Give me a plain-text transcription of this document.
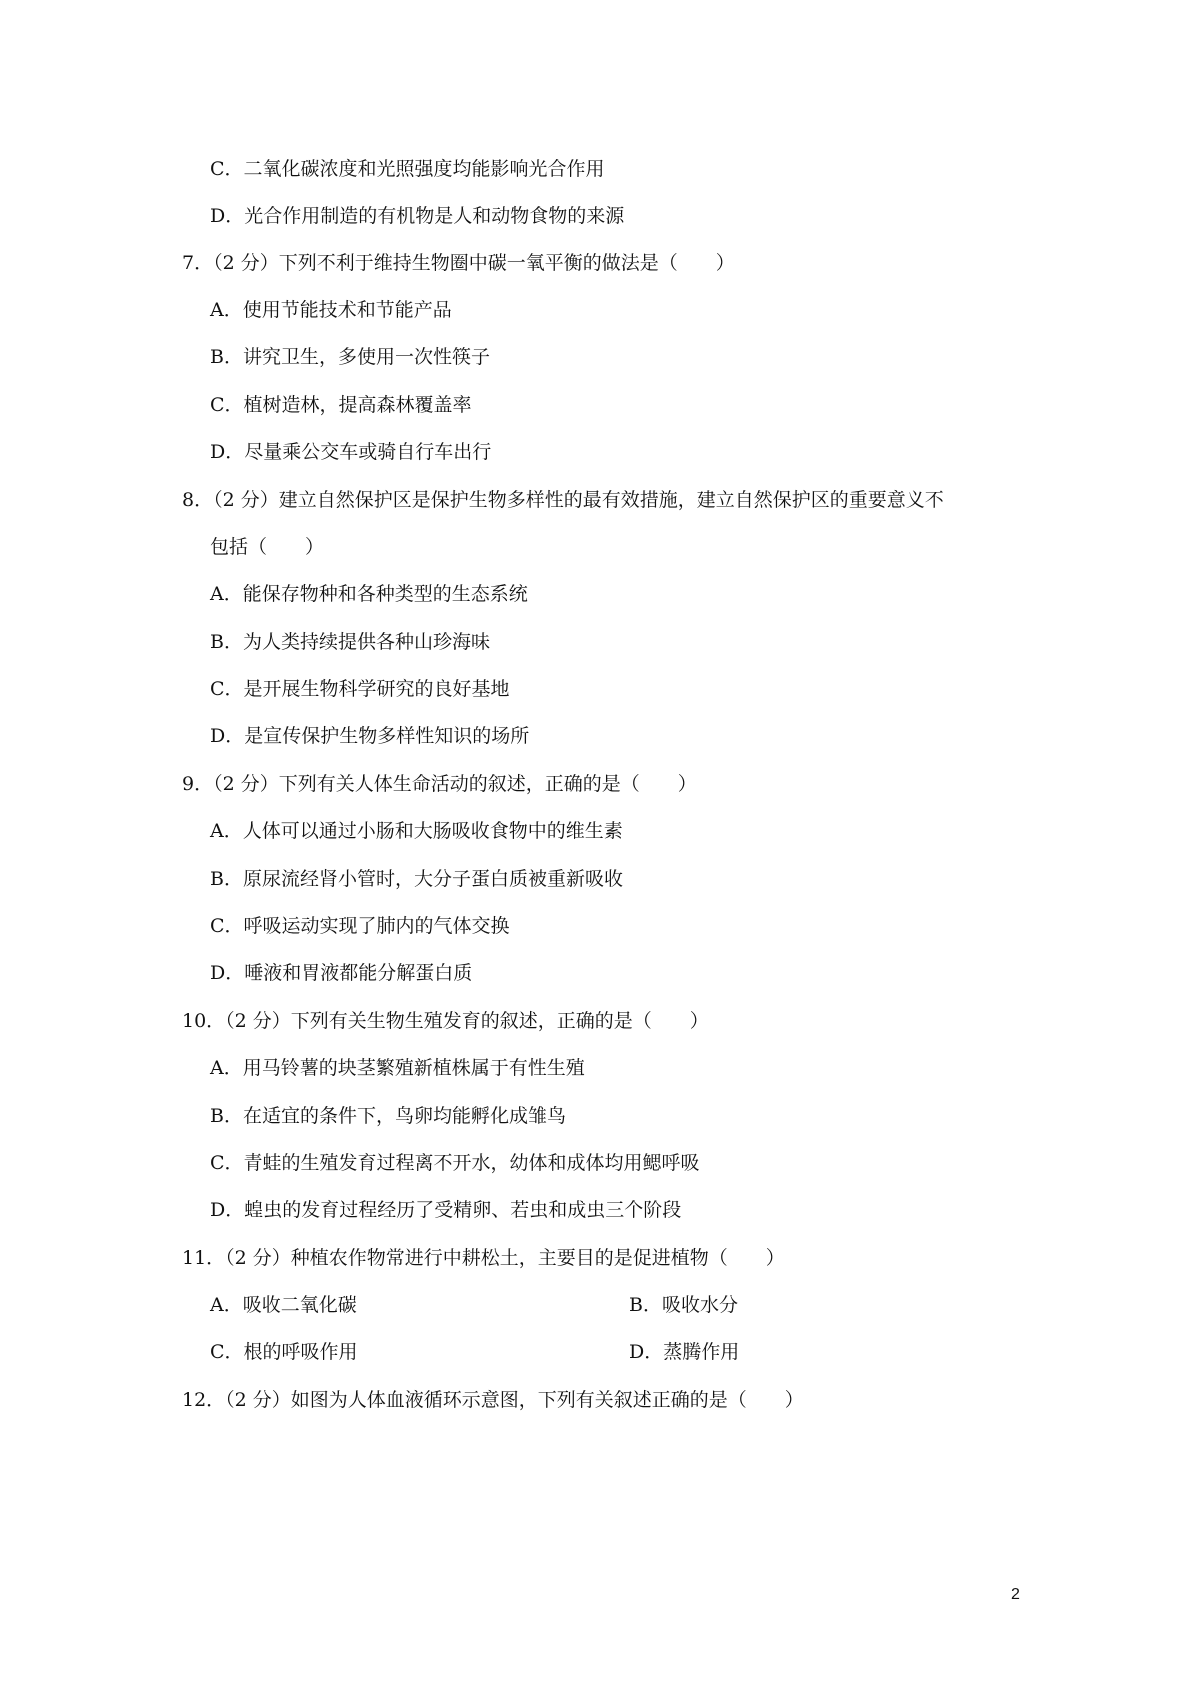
C．二氧化碳浓度和光照强度均能影响光合作用
D．光合作用制造的有机物是人和动物食物的来源
7．（2 分）下列不利于维持生物圈中碳一氧平衡的做法是（　　）
A．使用节能技术和节能产品
B．讲究卫生，多使用一次性筷子
C．植树造林，提高森林覆盖率
D．尽量乘公交车或骑自行车出行
8．（2 分）建立自然保护区是保护生物多样性的最有效措施，建立自然保护区的重要意义不
包括（　　）
A．能保存物种和各种类型的生态系统
B．为人类持续提供各种山珍海味
C．是开展生物科学研究的良好基地
D．是宣传保护生物多样性知识的场所
9．（2 分）下列有关人体生命活动的叙述，正确的是（　　）
A．人体可以通过小肠和大肠吸收食物中的维生素
B．原尿流经肾小管时，大分子蛋白质被重新吸收
C．呼吸运动实现了肺内的气体交换
D．唾液和胃液都能分解蛋白质
10．（2 分）下列有关生物生殖发育的叙述，正确的是（　　）
A．用马铃薯的块茎繁殖新植株属于有性生殖
B．在适宜的条件下，鸟卵均能孵化成雏鸟
C．青蛙的生殖发育过程离不开水，幼体和成体均用鳃呼吸
D．蝗虫的发育过程经历了受精卵、若虫和成虫三个阶段
11．（2 分）种植农作物常进行中耕松土，主要目的是促进植物（　　）
A．吸收二氧化碳	B．吸收水分
C．根的呼吸作用	D．蒸腾作用
12．（2 分）如图为人体血液循环示意图，下列有关叙述正确的是（　　）
2
